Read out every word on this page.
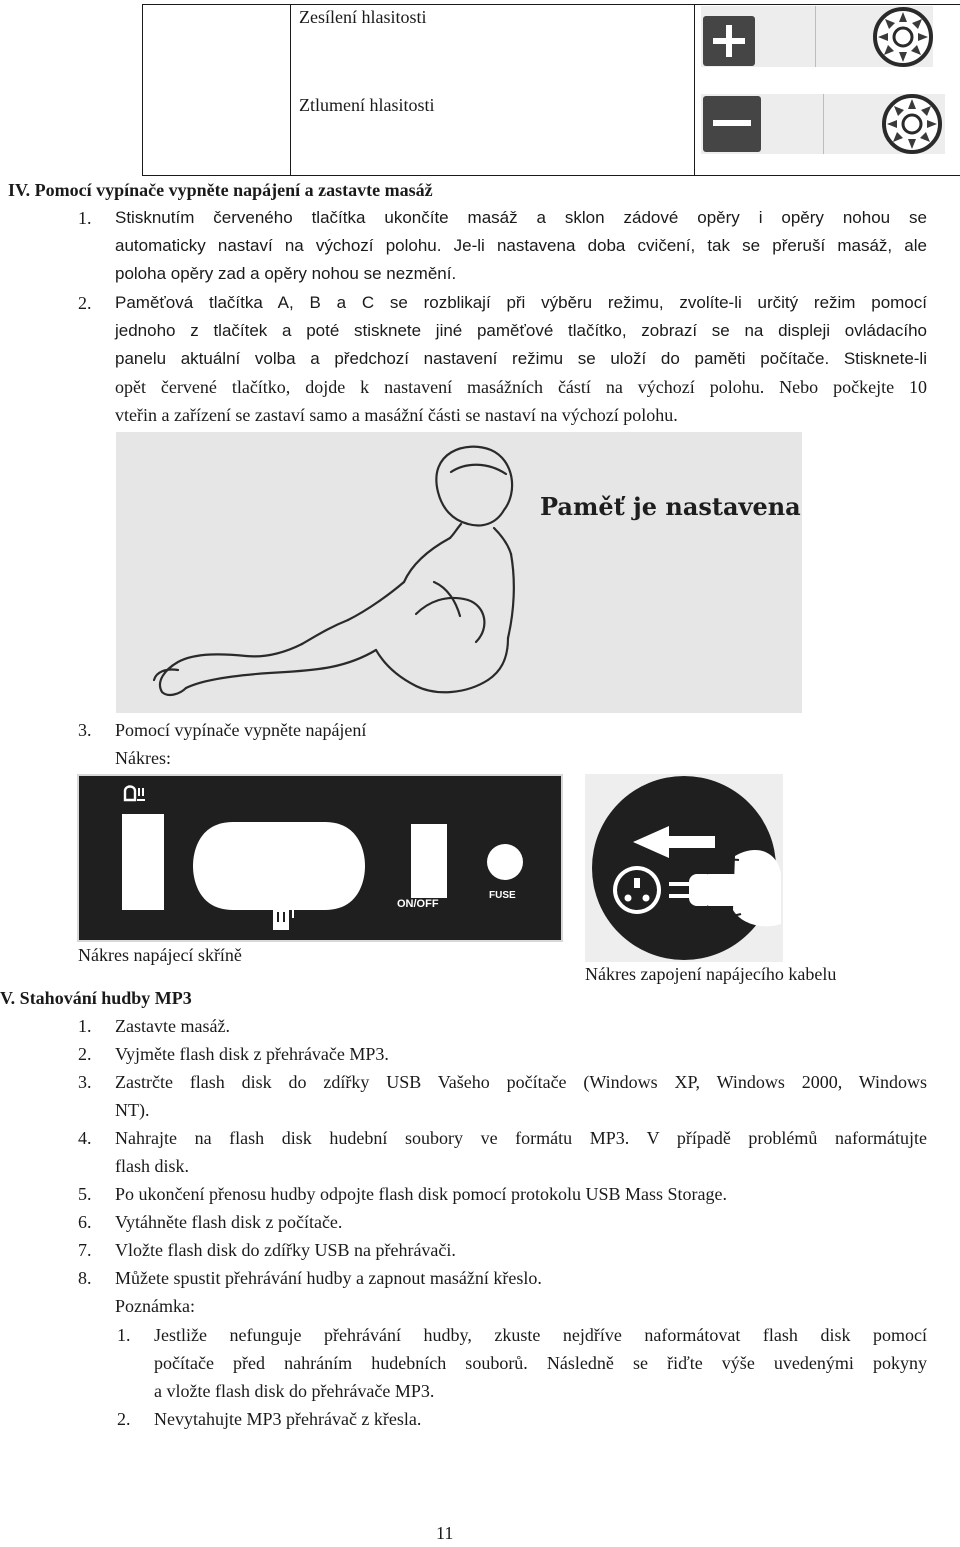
Zesílení hlasitosti
Ztlumení hlasitosti
IV. Pomocí vypínače vypněte napájení a zastavte masáž
1. Stisknutím červeného tlačítka ukončíte masáž a sklon zádové opěry i opěry nohou se
automaticky nastaví na výchozí polohu. Je-li nastavena doba cvičení, tak se přeruší masáž, ale
poloha opěry zad a opěry nohou se nezmění.
2. Paměťová tlačítka A, B a C se rozblikají při výběru režimu, zvolíte-li určitý režim pomocí
jednoho z tlačítek a poté stisknete jiné paměťové tlačítko, zobrazí se na displeji ovládacího
panelu aktuální volba a předchozí nastavení režimu se uloží do paměti počítače. Stisknete-li
opět červené tlačítko, dojde k nastavení masážních částí na výchozí polohu. Nebo počkejte 10
vteřin a zařízení se zastaví samo a masážní části se nastaví na výchozí polohu.
Paměť je nastavena
3. Pomocí vypínače vypněte napájení
Nákres:
ON/OFF
FUSE
Nákres napájecí skříně
Nákres zapojení napájecího kabelu
V. Stahování hudby MP3
1. Zastavte masáž.
2. Vyjměte flash disk z přehrávače MP3.
3. Zastrčte flash disk do zdířky USB Vašeho počítače (Windows XP, Windows 2000, Windows
NT).
4. Nahrajte na flash disk hudební soubory ve formátu MP3. V případě problémů naformátujte
flash disk.
5. Po ukončení přenosu hudby odpojte flash disk pomocí protokolu USB Mass Storage.
6. Vytáhněte flash disk z počítače.
7. Vložte flash disk do zdířky USB na přehrávači.
8. Můžete spustit přehrávání hudby a zapnout masážní křeslo.
Poznámka:
1. Jestliže nefunguje přehrávání hudby, zkuste nejdříve naformátovat flash disk pomocí
počítače před nahráním hudebních souborů. Následně se řiďte výše uvedenými pokyny
a vložte flash disk do přehrávače MP3.
2. Nevytahujte MP3 přehrávač z křesla.
11
